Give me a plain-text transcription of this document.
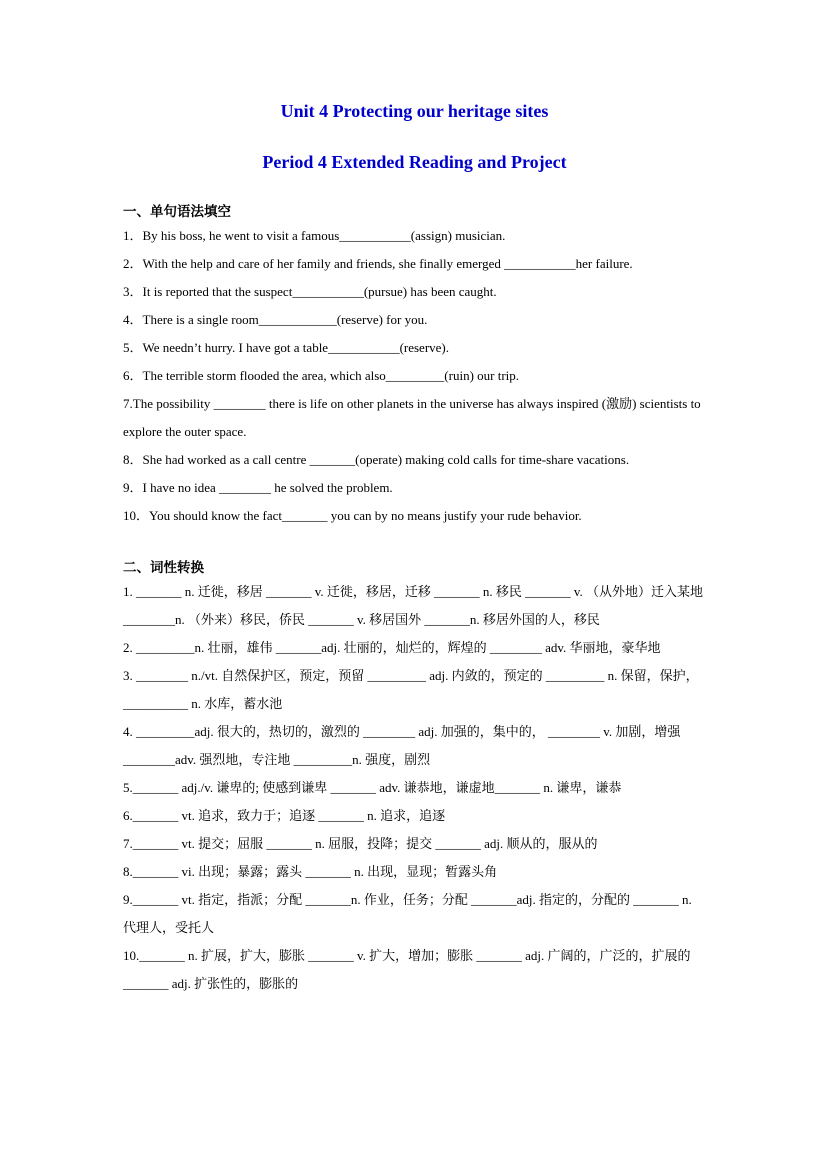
Unit 4 Protecting our heritage sites
Period 4 Extended Reading and Project
一、单句语法填空

1．By his boss, he went to visit a famous___________(assign) musician.

2．With the help and care of her family and friends, she finally emerged ___________her failure.

3．It is reported that the suspect___________(pursue) has been caught.

4．There is a single room____________(reserve) for you.

5．We needn’t hurry. I have got a table___________(reserve).

6．The terrible storm flooded the area, which also_________(ruin) our trip.

7.The possibility ________ there is life on other planets in the universe has always inspired (激励) scientists to explore the outer space.

8．She had worked as a call centre _______(operate) making cold calls for time-share vacations.

9．I have no idea ________ he solved the problem.

10．You should know the fact_______ you can by no means justify your rude behavior.

二、词性转换

1. _______ n. 迁徙，移居 _______ v. 迁徙，移居，迁移 _______ n. 移民 _______ v. （从外地）迁入某地 ________n. （外来）移民，侨民 _______ v. 移居国外 _______n. 移居外国的人，移民

2. _________n. 壮丽，雄伟 _______adj. 壮丽的，灿烂的，辉煌的 ________ adv. 华丽地，豪华地

3. ________ n./vt. 自然保护区，预定，预留 _________ adj. 内敛的，预定的 _________ n. 保留，保护， __________ n. 水库，蓄水池

4. _________adj. 很大的，热切的，激烈的 ________ adj. 加强的，集中的， ________ v. 加剧，增强 ________adv. 强烈地，专注地 _________n. 强度，剧烈

5._______ adj./v. 谦卑的; 使感到谦卑 _______ adv. 谦恭地，谦虚地_______ n. 谦卑，谦恭

6._______ vt. 追求，致力于；追逐 _______ n. 追求，追逐

7._______ vt. 提交；屈服 _______ n. 屈服，投降；提交 _______ adj. 顺从的，服从的

8._______ vi. 出现；暴露；露头 _______ n. 出现，显现；暂露头角

9._______ vt. 指定，指派；分配 _______n. 作业，任务；分配 _______adj. 指定的，分配的 _______ n. 代理人，受托人

10._______ n. 扩展，扩大，膨胀 _______ v. 扩大，增加；膨胀 _______ adj. 广阔的，广泛的，扩展的 _______ adj. 扩张性的，膨胀的
